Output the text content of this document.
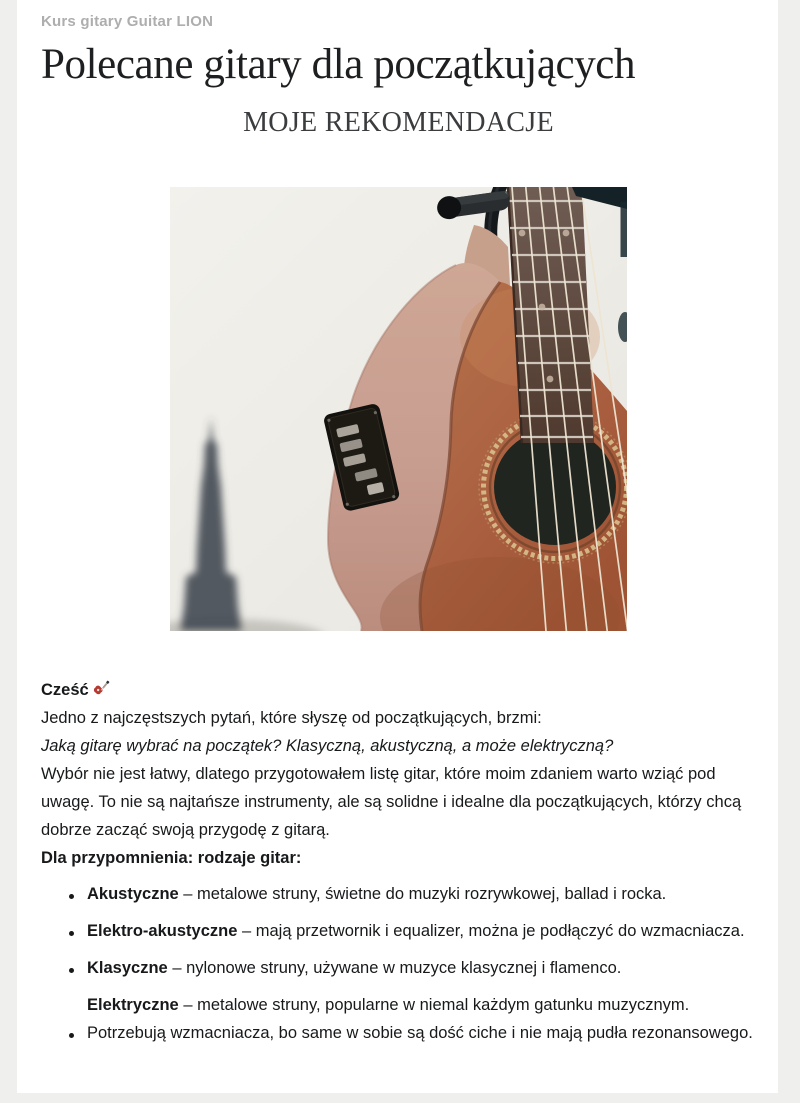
Kurs gitary Guitar LION
Polecane gitary dla początkujących
MOJE REKOMENDACJE

Cześć

Jedno z najczęstszych pytań, które słyszę od początkujących, brzmi:

Jaką gitarę wybrać na początek? Klasyczną, akustyczną, a może elektryczną?

Wybór nie jest łatwy, dlatego przygotowałem listę gitar, które moim zdaniem warto wziąć pod uwagę. To nie są najtańsze instrumenty, ale są solidne i idealne dla początkujących, którzy chcą dobrze zacząć swoją przygodę z gitarą.

Dla przypomnienia: rodzaje gitar:

Akustyczne – metalowe struny, świetne do muzyki rozrywkowej, ballad i rocka.
Elektro-akustyczne – mają przetwornik i equalizer, można je podłączyć do wzmacniacza.
Klasyczne – nylonowe struny, używane w muzyce klasycznej i flamenco.
Elektryczne – metalowe struny, popularne w niemal każdym gatunku muzycznym. Potrzebują wzmacniacza, bo same w sobie są dość ciche i nie mają pudła rezonansowego.
